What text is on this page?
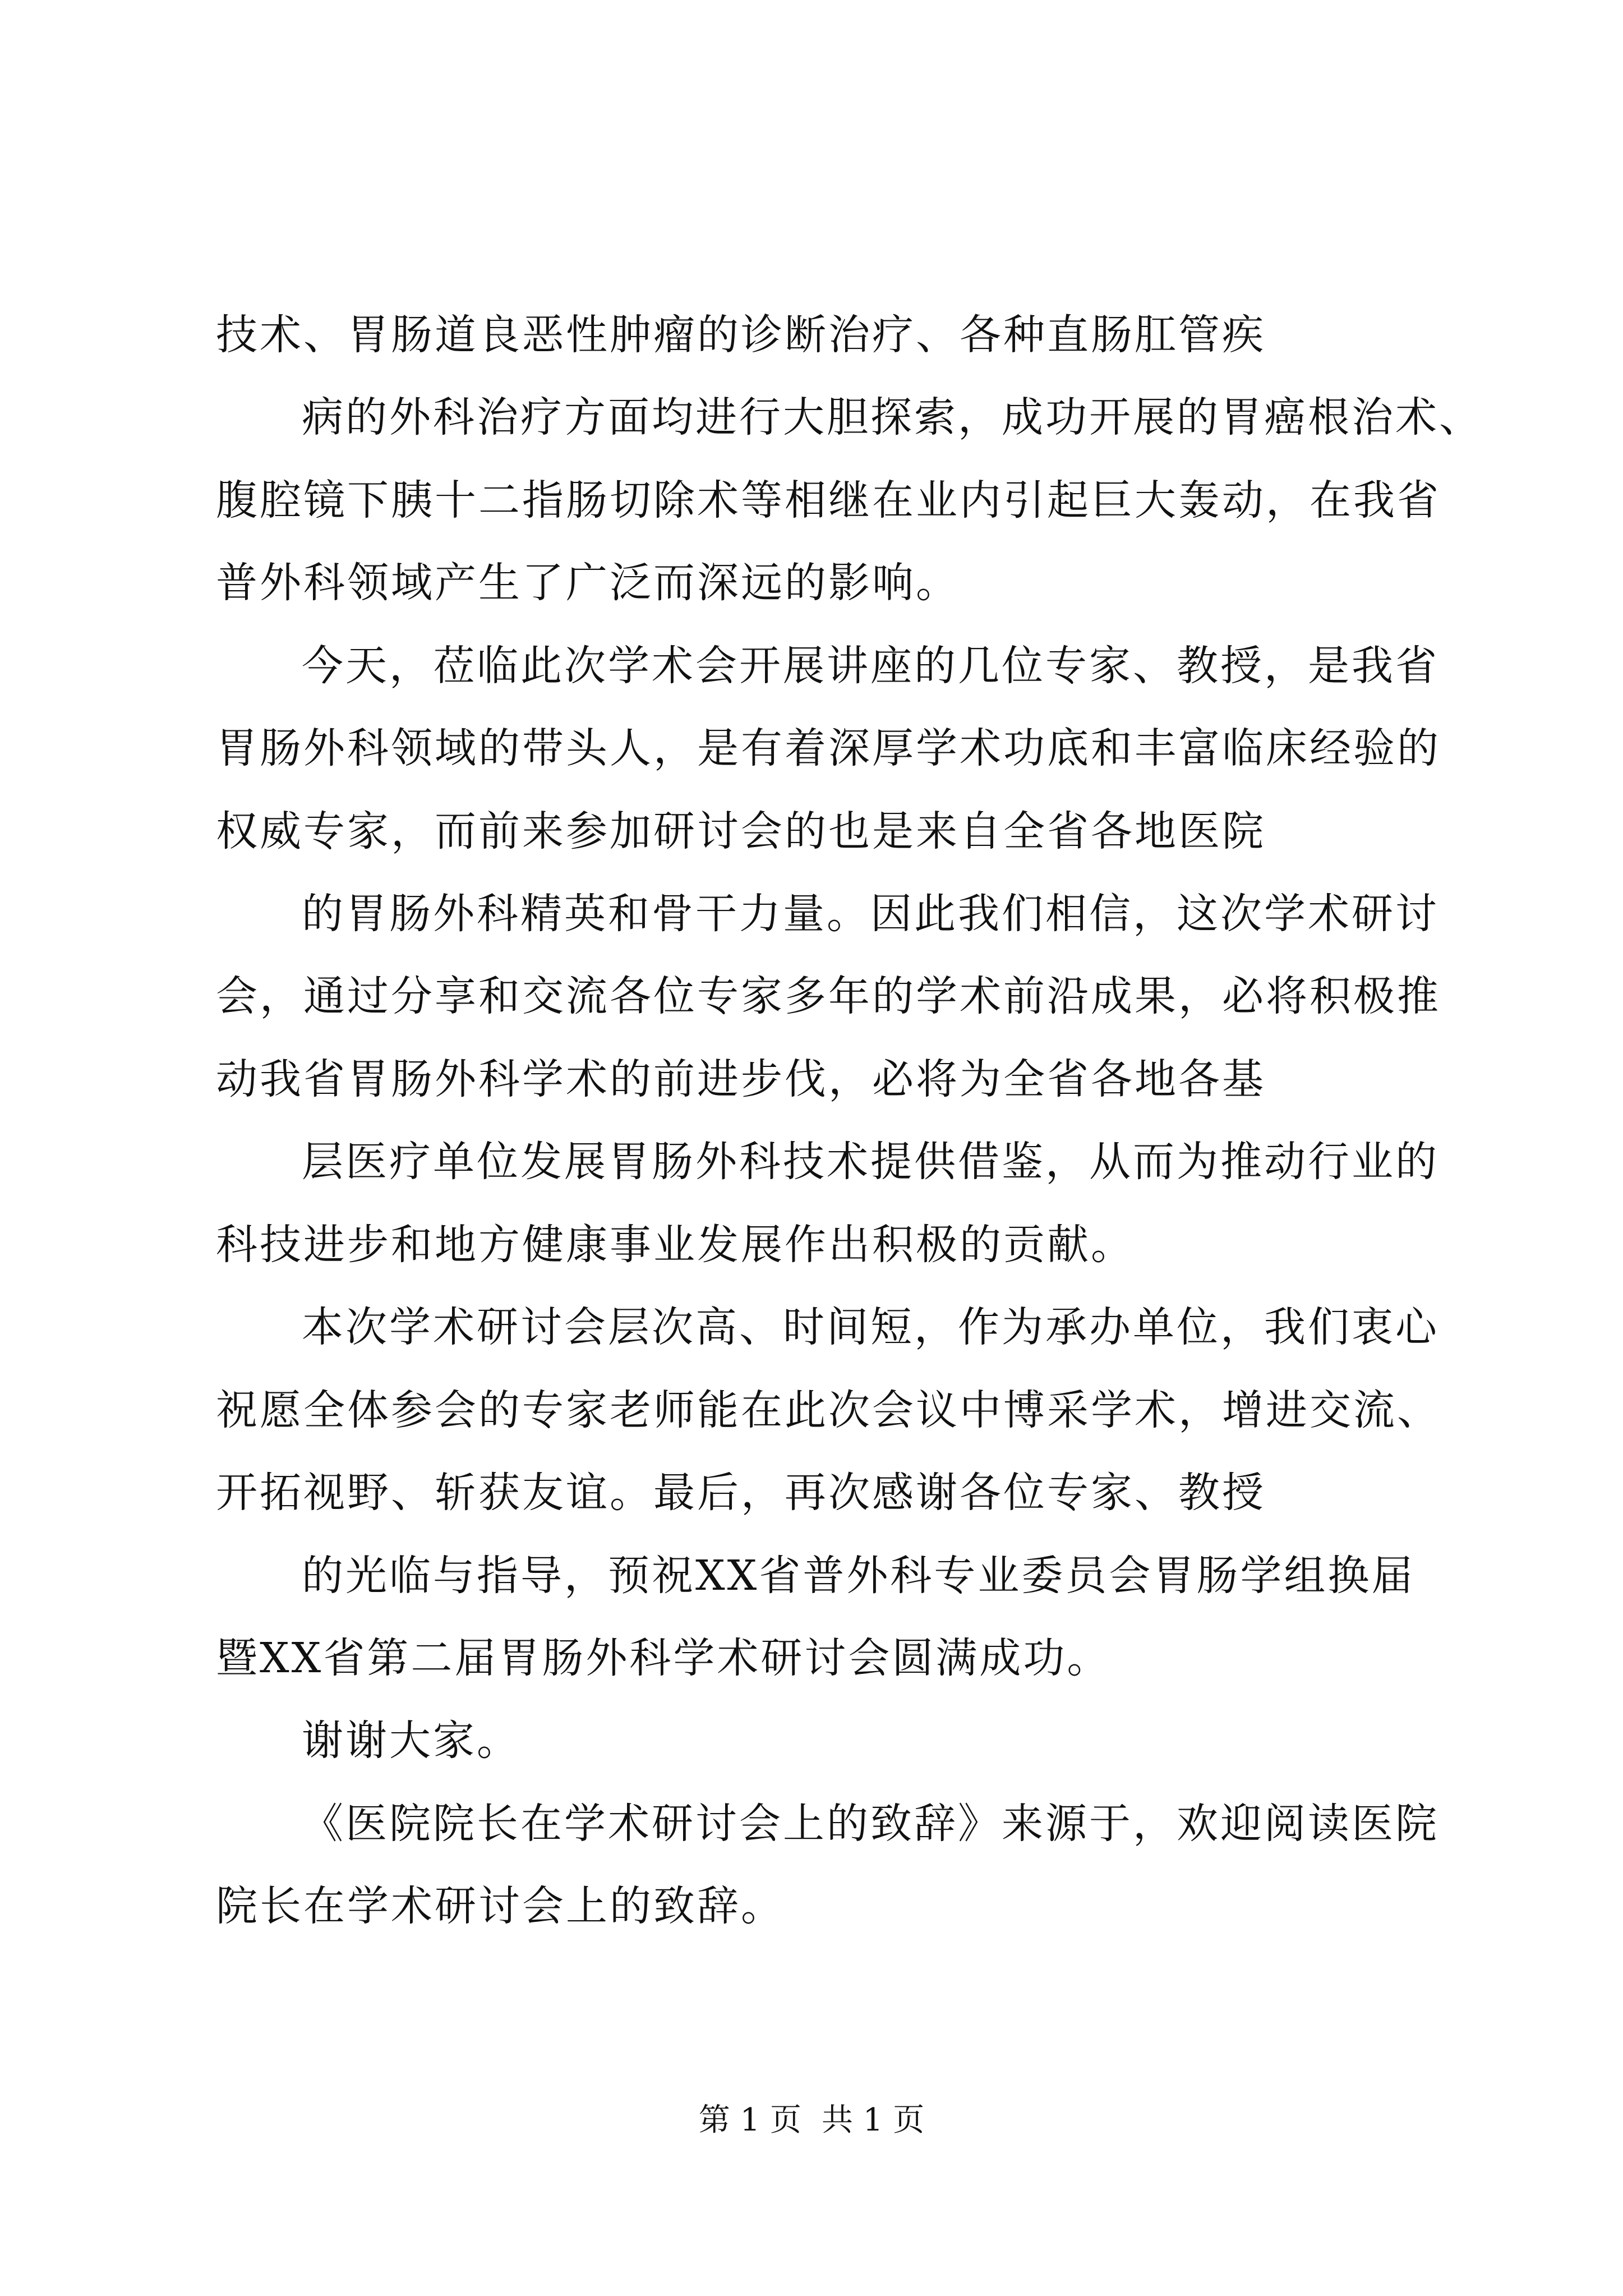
技术、胃肠道良恶性肿瘤的诊断治疗、各种直肠肛管疾
病的外科治疗方面均进行大胆探索，成功开展的胃癌根治术、
腹腔镜下胰十二指肠切除术等相继在业内引起巨大轰动，在我省
普外科领域产生了广泛而深远的影响。
今天，莅临此次学术会开展讲座的几位专家、教授，是我省
胃肠外科领域的带头人，是有着深厚学术功底和丰富临床经验的
权威专家，而前来参加研讨会的也是来自全省各地医院
的胃肠外科精英和骨干力量。因此我们相信，这次学术研讨
会，通过分享和交流各位专家多年的学术前沿成果，必将积极推
动我省胃肠外科学术的前进步伐，必将为全省各地各基
层医疗单位发展胃肠外科技术提供借鉴，从而为推动行业的
科技进步和地方健康事业发展作出积极的贡献。
本次学术研讨会层次高、时间短，作为承办单位，我们衷心
祝愿全体参会的专家老师能在此次会议中博采学术，增进交流、
开拓视野、斩获友谊。最后，再次感谢各位专家、教授
的光临与指导，预祝XX省普外科专业委员会胃肠学组换届
暨XX省第二届胃肠外科学术研讨会圆满成功。
谢谢大家。
《医院院长在学术研讨会上的致辞》来源于，欢迎阅读医院
院长在学术研讨会上的致辞。
第 1 页 共 1 页
